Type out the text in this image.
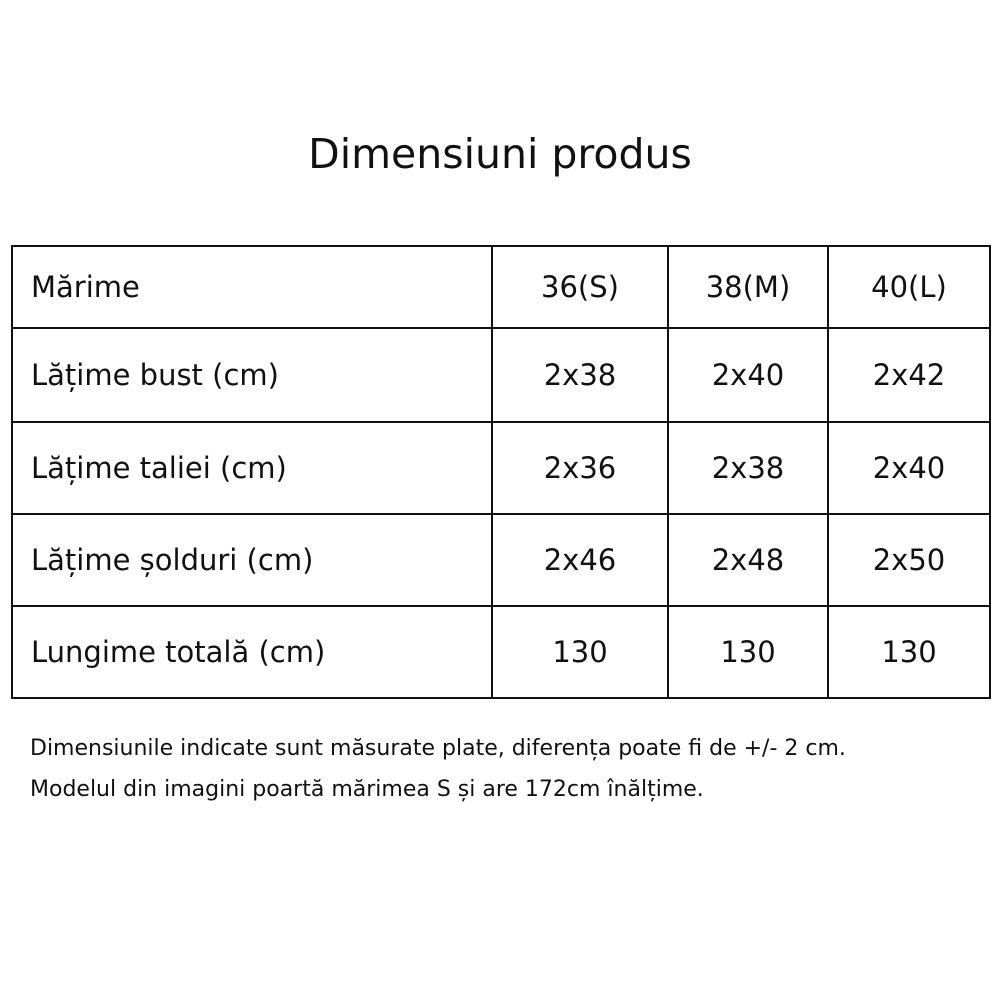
Dimensiuni produs
Mărime	36(S)	38(M)	40(L)
Lățime bust (cm)	2x38	2x40	2x42
Lățime taliei (cm)	2x36	2x38	2x40
Lățime șolduri (cm)	2x46	2x48	2x50
Lungime totală (cm)	130	130	130

Dimensiunile indicate sunt măsurate plate, diferența poate fi de +/- 2 cm.

Modelul din imagini poartă mărimea S și are 172cm înălțime.
